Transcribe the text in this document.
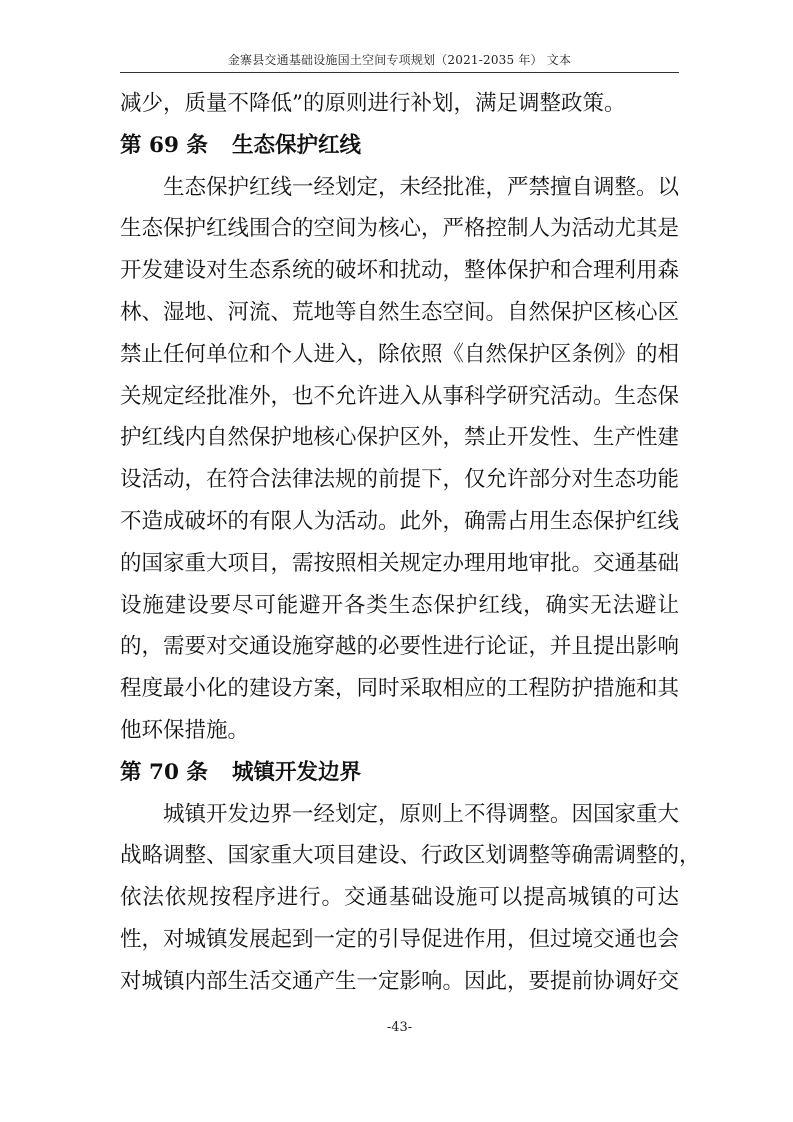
金寨县交通基础设施国土空间专项规划（2021-2035 年） 文本
减少，质量不降低”的原则进行补划，满足调整政策。
第 69 条 生态保护红线
生态保护红线一经划定，未经批准，严禁擅自调整。以
生态保护红线围合的空间为核心，严格控制人为活动尤其是
开发建设对生态系统的破坏和扰动，整体保护和合理利用森
林、湿地、河流、荒地等自然生态空间。自然保护区核心区
禁止任何单位和个人进入，除依照《自然保护区条例》的相
关规定经批准外，也不允许进入从事科学研究活动。生态保
护红线内自然保护地核心保护区外，禁止开发性、生产性建
设活动，在符合法律法规的前提下，仅允许部分对生态功能
不造成破坏的有限人为活动。此外，确需占用生态保护红线
的国家重大项目，需按照相关规定办理用地审批。交通基础
设施建设要尽可能避开各类生态保护红线，确实无法避让
的，需要对交通设施穿越的必要性进行论证，并且提出影响
程度最小化的建设方案，同时采取相应的工程防护措施和其
他环保措施。
第 70 条 城镇开发边界
城镇开发边界一经划定，原则上不得调整。因国家重大
战略调整、国家重大项目建设、行政区划调整等确需调整的，
依法依规按程序进行。交通基础设施可以提高城镇的可达
性，对城镇发展起到一定的引导促进作用，但过境交通也会
对城镇内部生活交通产生一定影响。因此，要提前协调好交
-43-
